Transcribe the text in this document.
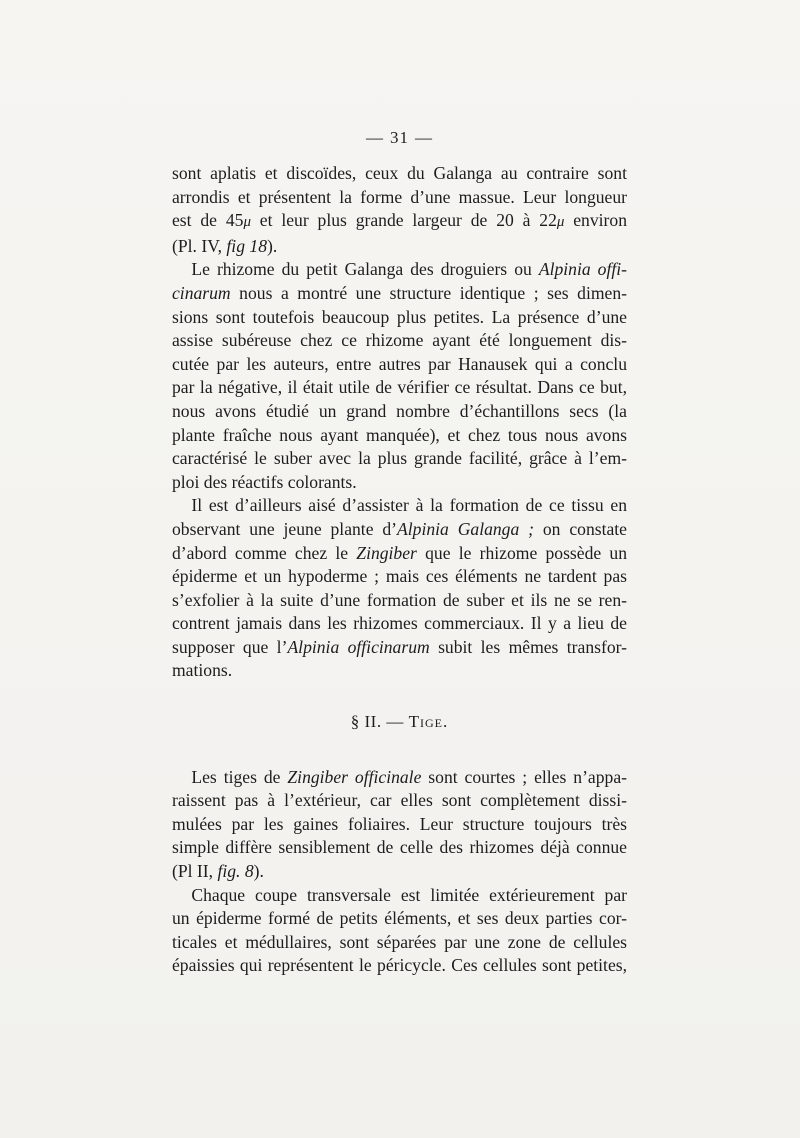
— 31 —

sont aplatis et discoïdes, ceux du Galanga au contraire sont
arrondis et présentent la forme d’une massue. Leur longueur
est de 45μ et leur plus grande largeur de 20 à 22μ environ
(Pl. IV, fig 18).

Le rhizome du petit Galanga des droguiers ou Alpinia offi-
cinarum nous a montré une structure identique ; ses dimen-
sions sont toutefois beaucoup plus petites. La présence d’une
assise subéreuse chez ce rhizome ayant été longuement dis-
cutée par les auteurs, entre autres par Hanausek qui a conclu
par la négative, il était utile de vérifier ce résultat. Dans ce but,
nous avons étudié un grand nombre d’échantillons secs (la
plante fraîche nous ayant manquée), et chez tous nous avons
caractérisé le suber avec la plus grande facilité, grâce à l’em-
ploi des réactifs colorants.

Il est d’ailleurs aisé d’assister à la formation de ce tissu en
observant une jeune plante d’Alpinia Galanga ; on constate
d’abord comme chez le Zingiber que le rhizome possède un
épiderme et un hypoderme ; mais ces éléments ne tardent pas
s’exfolier à la suite d’une formation de suber et ils ne se ren-
contrent jamais dans les rhizomes commerciaux. Il y a lieu de
supposer que l’Alpinia officinarum subit les mêmes transfor-
mations.

§ II. — Tige.

Les tiges de Zingiber officinale sont courtes ; elles n’appa-
raissent pas à l’extérieur, car elles sont complètement dissi-
mulées par les gaines foliaires. Leur structure toujours très
simple diffère sensiblement de celle des rhizomes déjà connue
(Pl II, fig. 8).

Chaque coupe transversale est limitée extérieurement par
un épiderme formé de petits éléments, et ses deux parties cor-
ticales et médullaires, sont séparées par une zone de cellules
épaissies qui représentent le péricycle. Ces cellules sont petites,
